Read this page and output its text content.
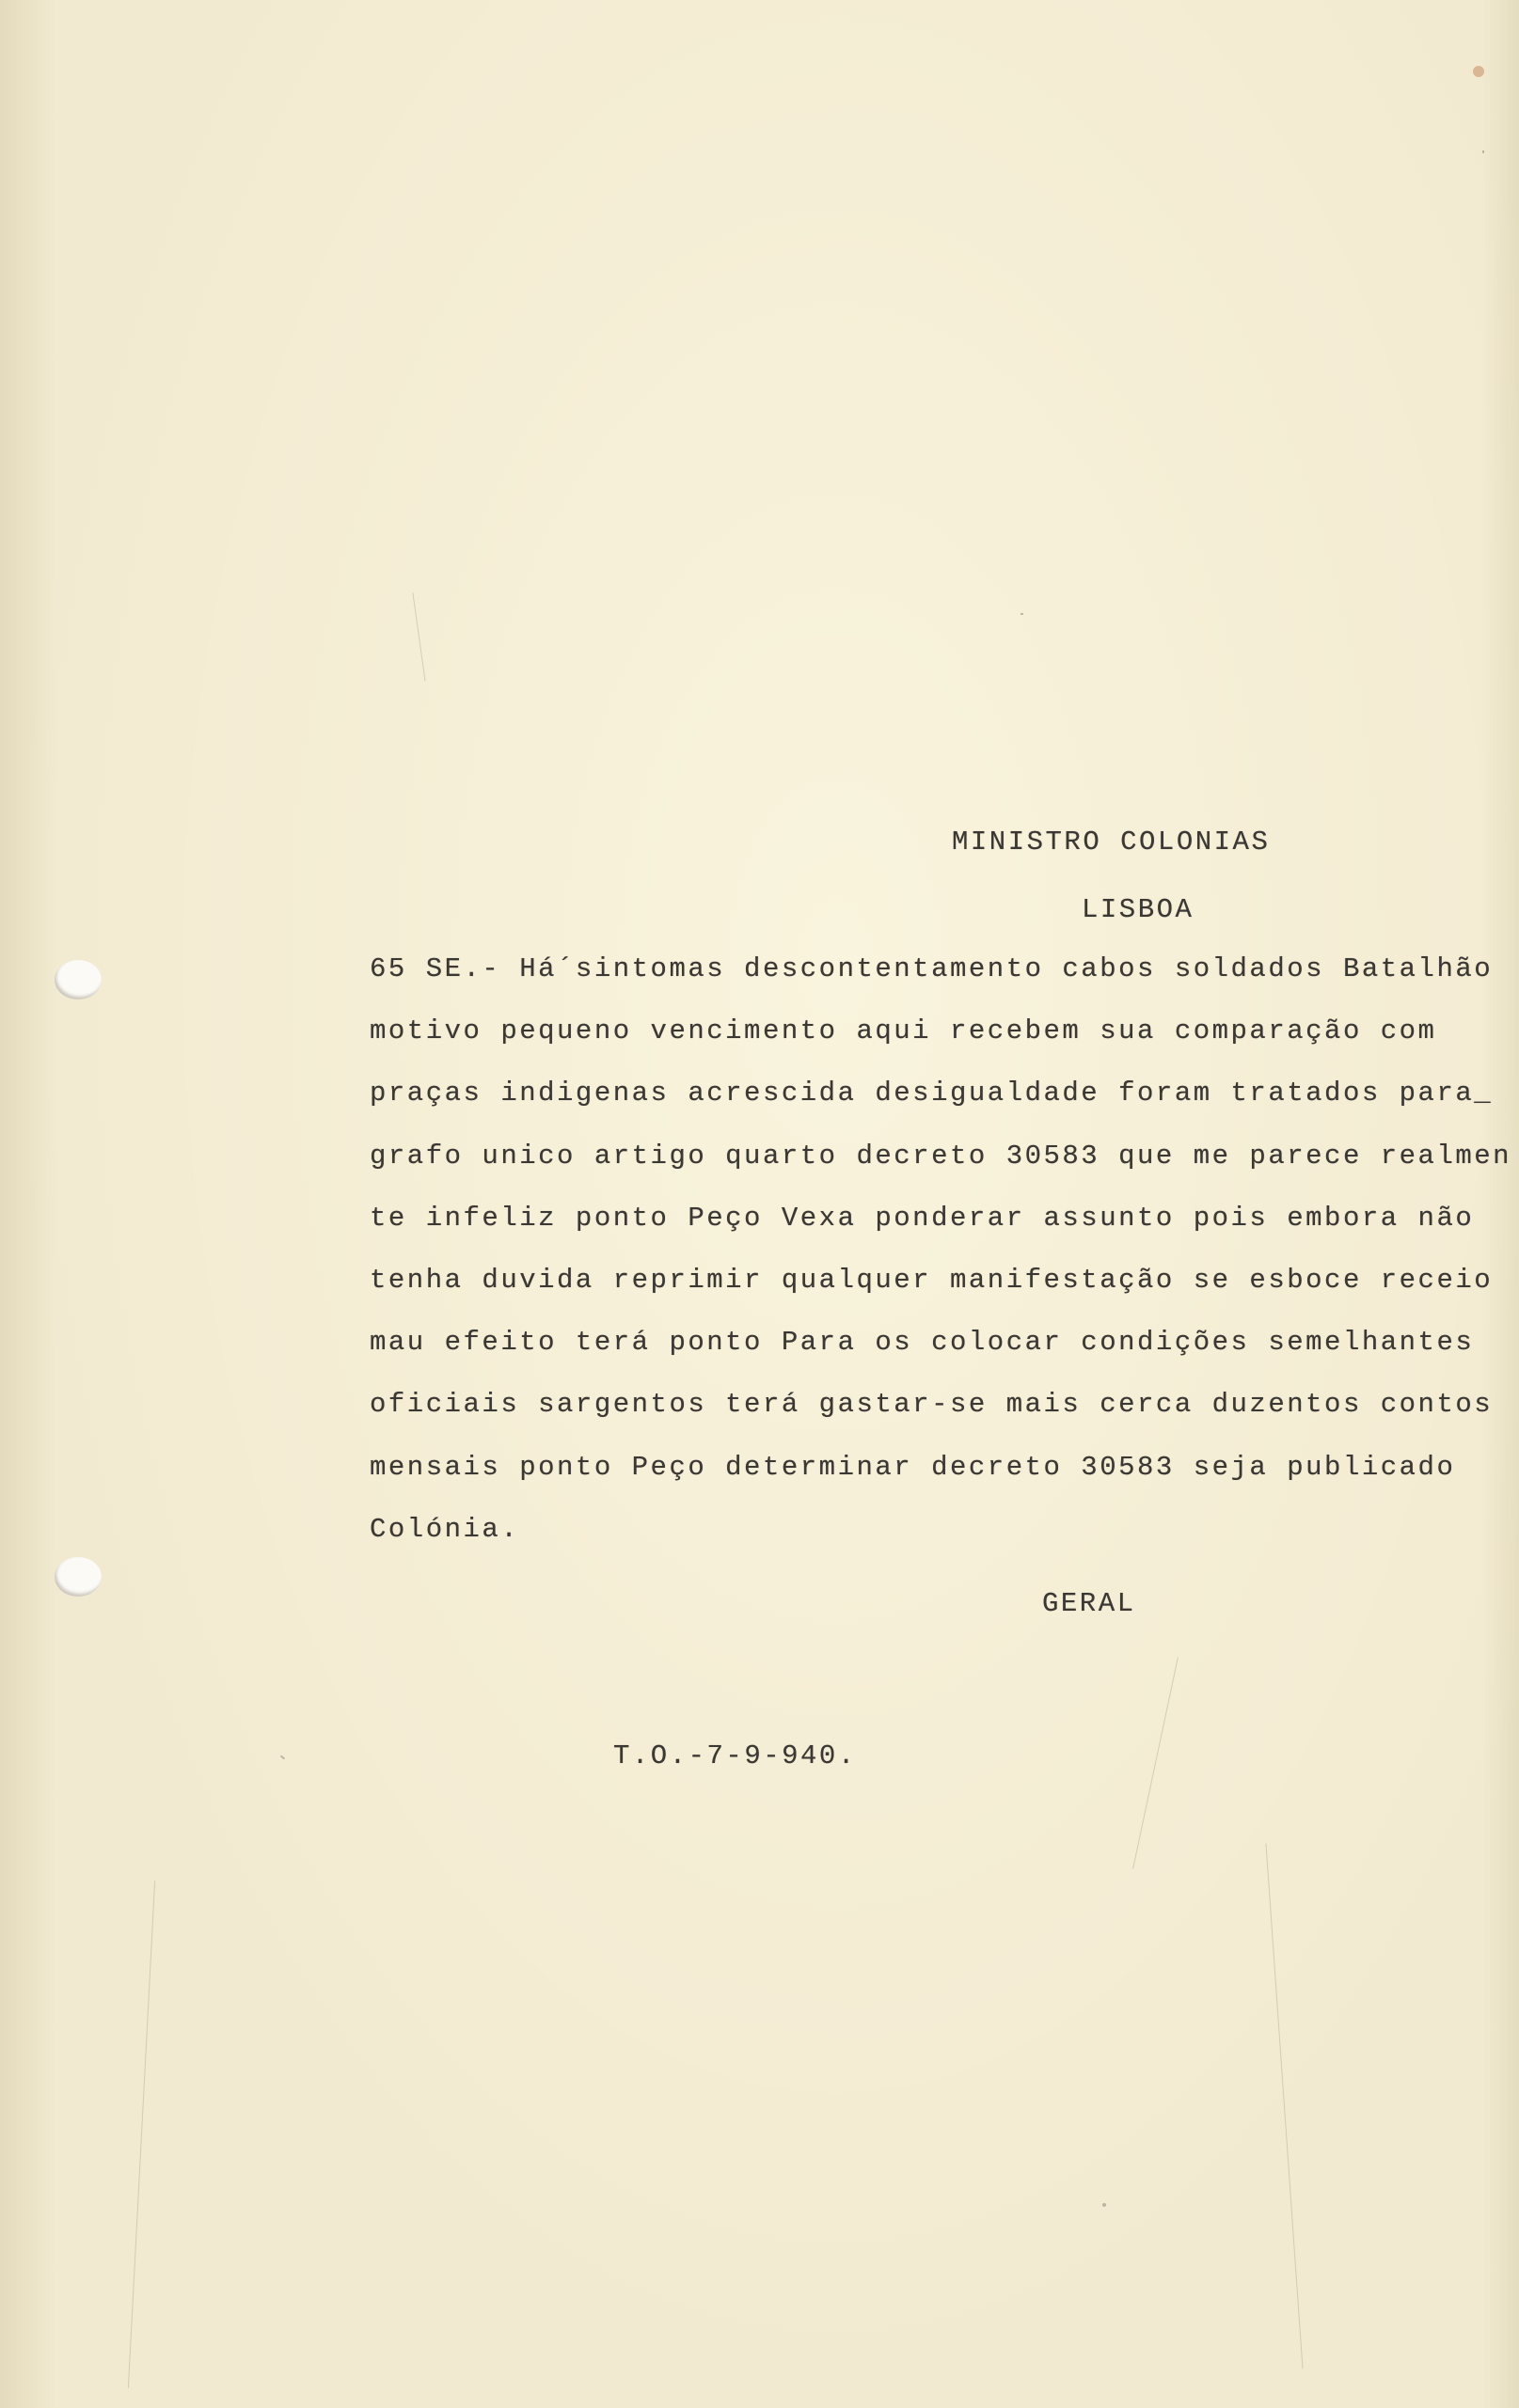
MINISTRO COLONIAS
LISBOA
65 SE.- Há´sintomas descontentamento cabos soldados Batalhão
motivo pequeno vencimento aqui recebem sua comparação com
praças indigenas acrescida desigualdade foram tratados para_
grafo unico artigo quarto decreto 30583 que me parece realmen
te infeliz ponto Peço Vexa ponderar assunto pois embora não
tenha duvida reprimir qualquer manifestação se esboce receio
mau efeito terá ponto Para os colocar condições semelhantes
oficiais sargentos terá gastar-se mais cerca duzentos contos
mensais ponto Peço determinar decreto 30583 seja publicado
Colónia.
GERAL
T.O.-7-9-940.
